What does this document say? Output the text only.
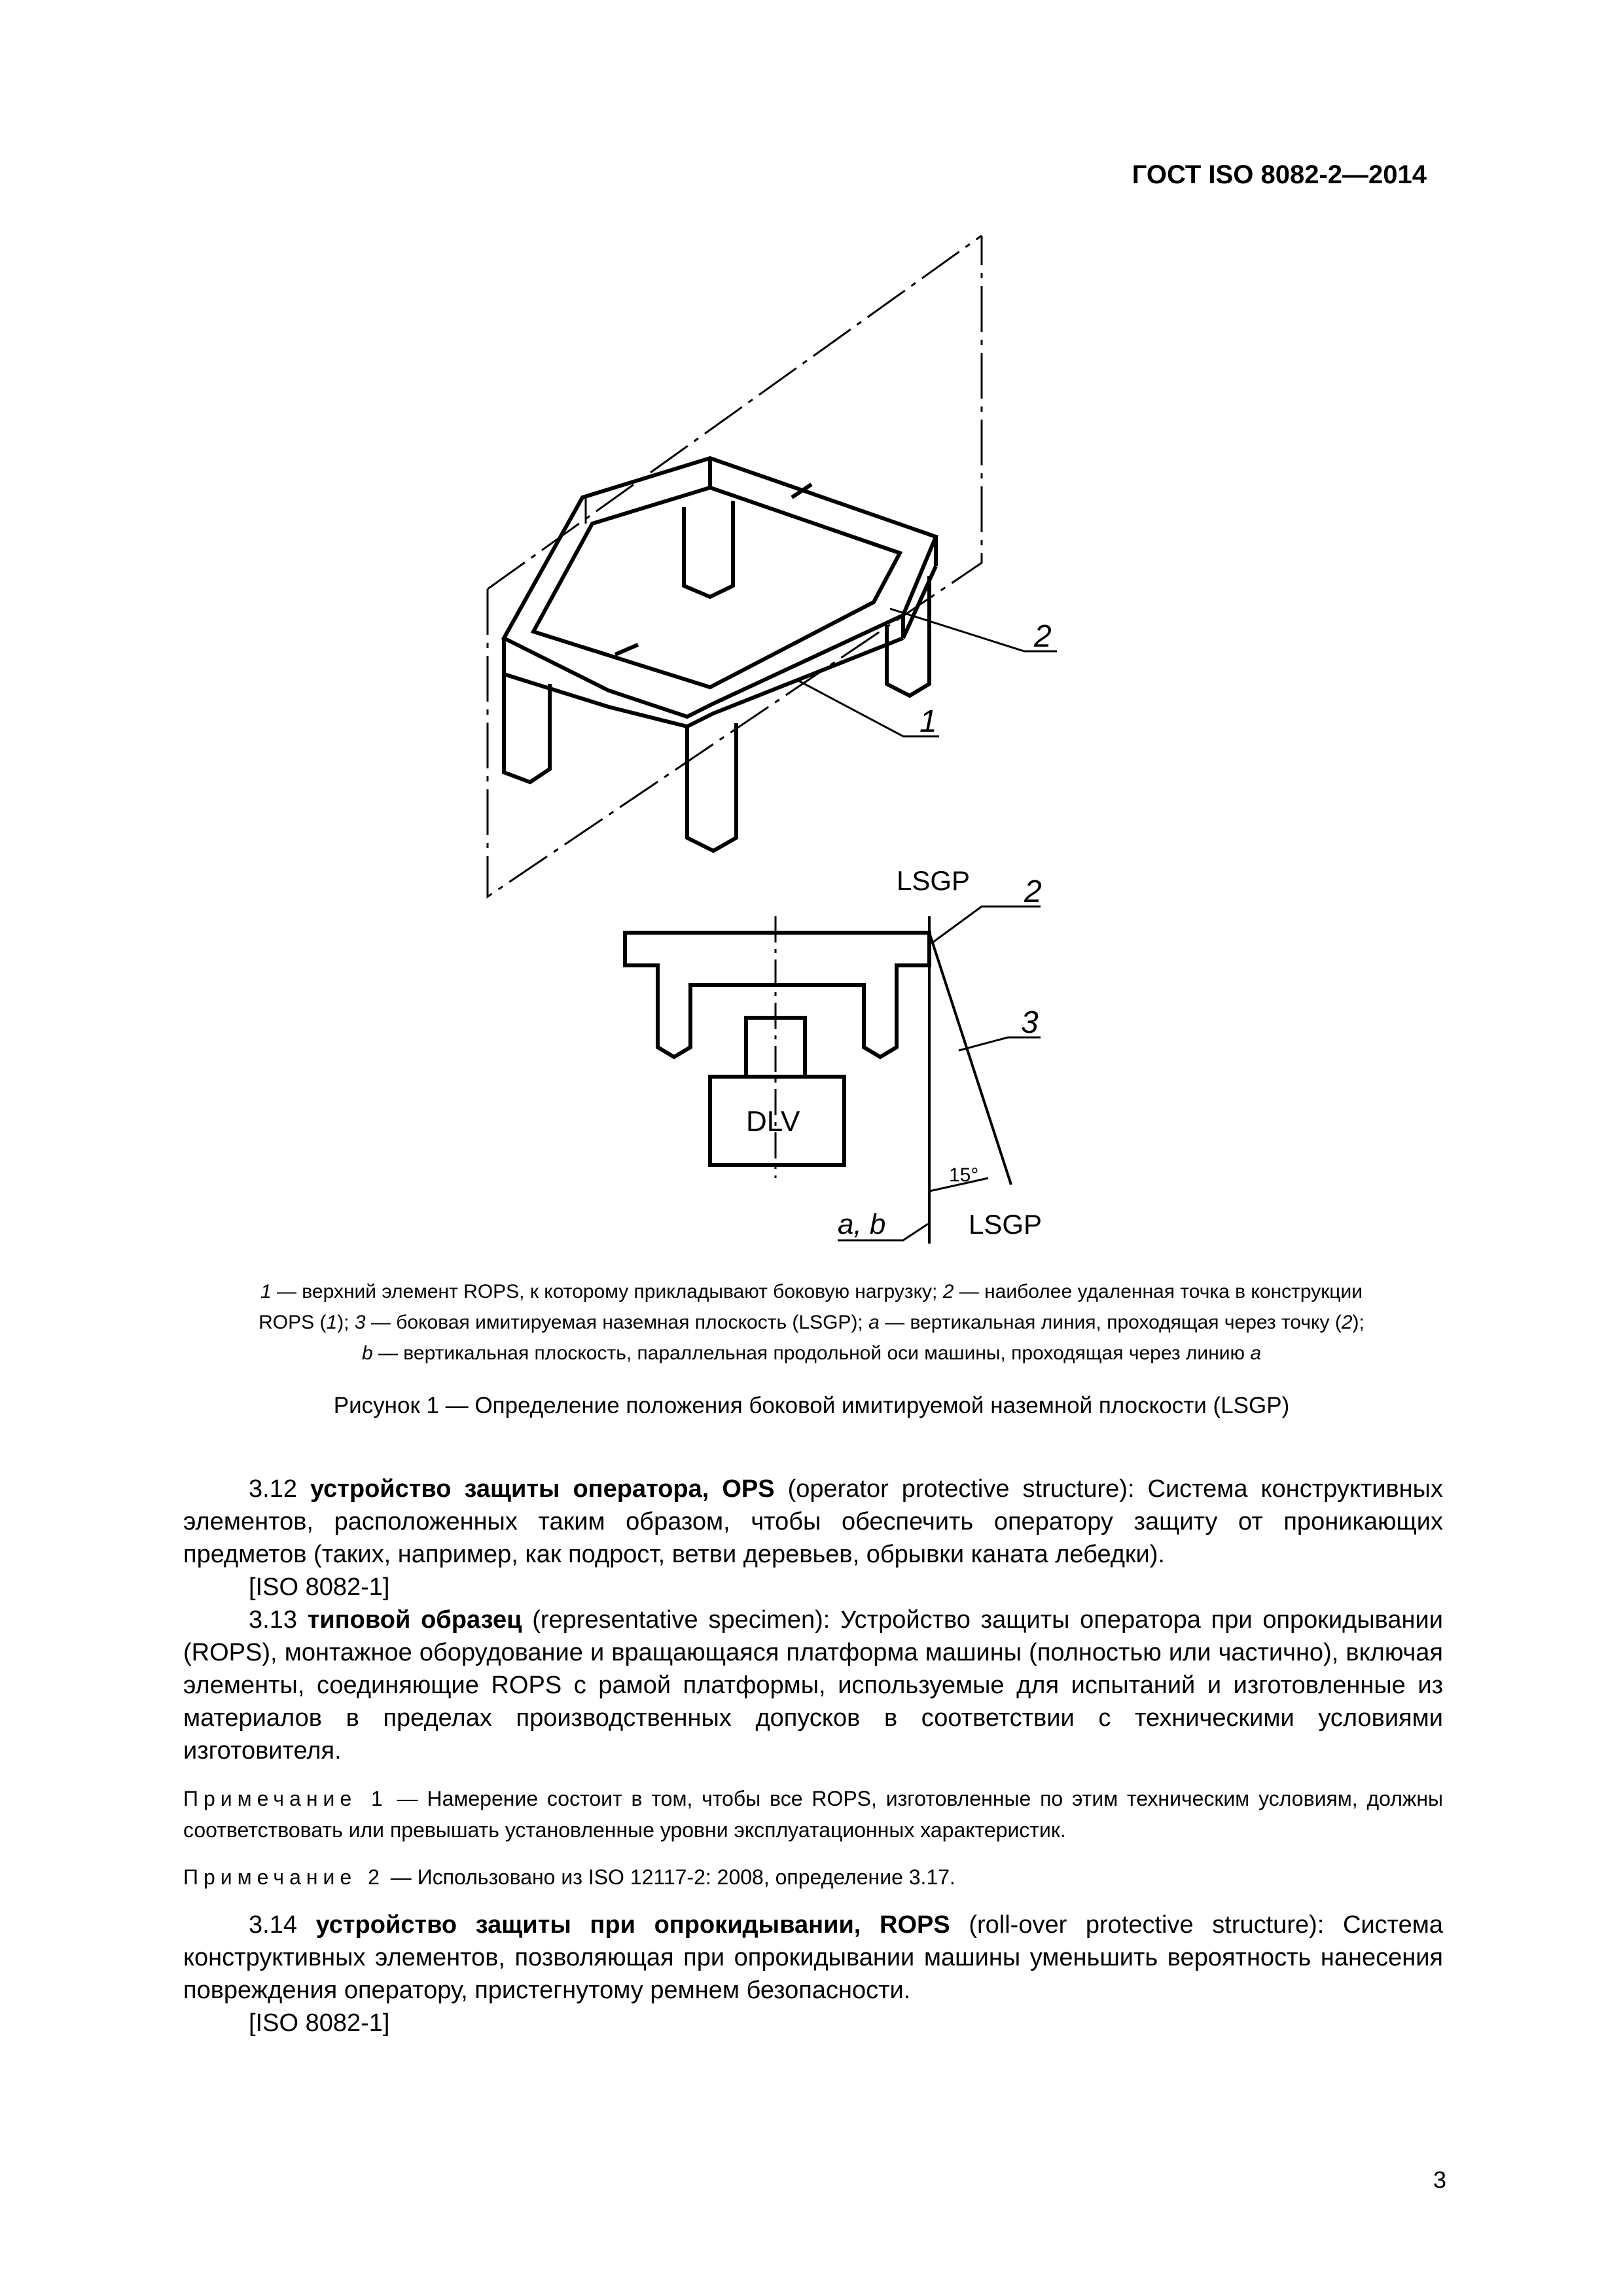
ГОСТ ISO 8082-2—2014
2
1
LSGP 2
3
DLV
15°
a, b	LSGP
1 — верхний элемент ROPS, к которому прикладывают боковую нагрузку; 2 — наиболее удаленная точка в конструкции
ROPS (1); 3 — боковая имитируемая наземная плоскость (LSGP); a — вертикальная линия, проходящая через точку (2);
b — вертикальная плоскость, параллельная продольной оси машины, проходящая через линию a
Рисунок 1 — Определение положения боковой имитируемой наземной плоскости (LSGP)

3.12 устройство защиты оператора, OPS (operator protective structure): Система конструктивных элементов, расположенных таким образом, чтобы обеспечить оператору защиту от проникающих предметов (таких, например, как подрост, ветви деревьев, обрывки каната лебедки).

[ISO 8082-1]

3.13 типовой образец (representative specimen): Устройство защиты оператора при опрокидывании (ROPS), монтажное оборудование и вращающаяся платформа машины (полностью или частично), включая элементы, соединяющие ROPS с рамой платформы, используемые для испытаний и изготовленные из материалов в пределах производственных допусков в соответствии с техническими условиями изготовителя.

Примечание 1 — Намерение состоит в том, чтобы все ROPS, изготовленные по этим техническим условиям, должны соответствовать или превышать установленные уровни эксплуатационных характеристик.

Примечание 2 — Использовано из ISO 12117-2: 2008, определение 3.17.

3.14 устройство защиты при опрокидывании, ROPS (roll-over protective structure): Система конструктивных элементов, позволяющая при опрокидывании машины уменьшить вероятность нанесения повреждения оператору, пристегнутому ремнем безопасности.

[ISO 8082-1]

3
